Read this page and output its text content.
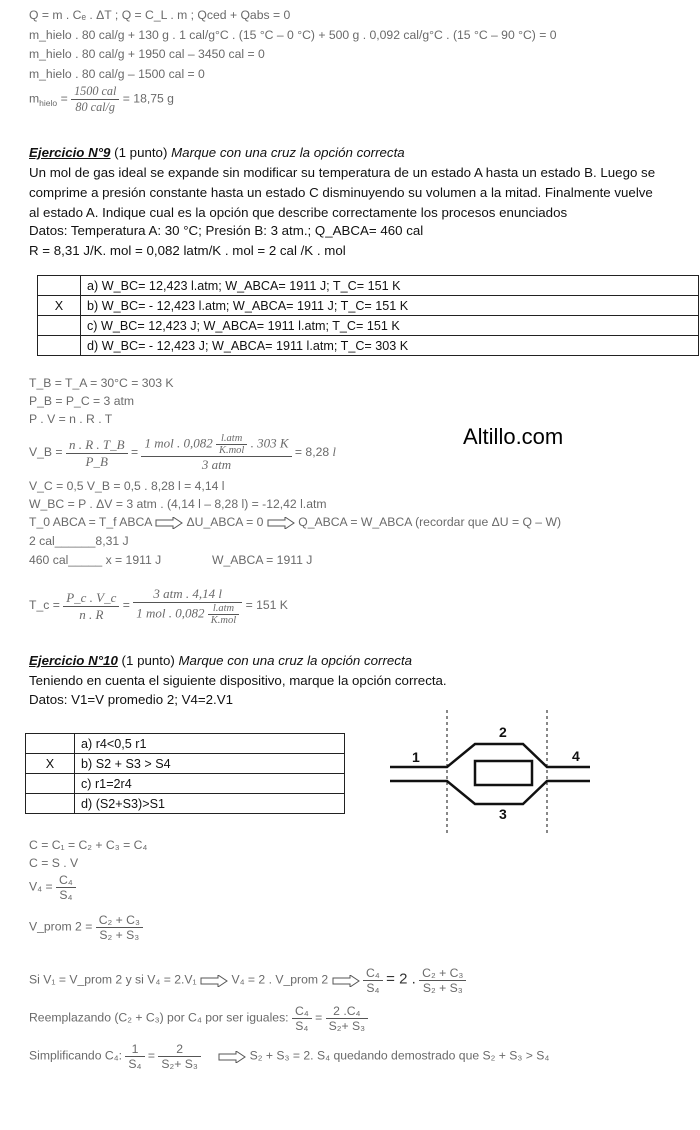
Q = m . Cₑ . ΔT ; Q = C_L . m ; Qced + Qabs = 0
m_hielo . 80 cal/g + 130 g . 1 cal/g°C . (15 °C – 0 °C) + 500 g . 0,092 cal/g°C . (15 °C – 90 °C) = 0
m_hielo . 80 cal/g + 1950 cal – 3450 cal = 0
m_hielo . 80 cal/g – 1500 cal = 0
$m_{hielo} = \frac{\text{1500 cal}}{\text{80 cal/g}} = 18,75$ g
Ejercicio N°9 (1 punto) Marque con una cruz la opción correcta
Un mol de gas ideal se expande sin modificar su temperatura de un estado A hasta un estado B. Luego se
comprime a presión constante hasta un estado C disminuyendo su volumen a la mitad. Finalmente vuelve
al estado A. Indique cual es la opción que describe correctamente los procesos enunciados
Datos: Temperatura A: 30 °C; Presión B: 3 atm.; Q_ABCA= 460 cal
R = 8,31 J/K. mol = 0,082 latm/K . mol = 2 cal /K . mol
	a) W_BC= 12,423 l.atm; W_ABCA= 1911 J; T_C= 151 K
X	b) W_BC= - 12,423 l.atm; W_ABCA= 1911 J; T_C= 151 K
	c) W_BC= 12,423 J; W_ABCA= 1911 l.atm; T_C= 151 K
	d) W_BC= - 12,423 J; W_ABCA= 1911 l.atm; T_C= 303 K
T_B = T_A = 30°C = 303 K
P_B = P_C = 3 atm
P . V = n . R . T
V_B = $\frac{n . R . T\_B}{P\_B}$ =
1 mol . $0,082 \frac{\text{l.atm}}{\text{K.mol}}$ . 303 K
3 atm
= 8,28 l
Altillo.com
V_C = 0,5 V_B = 0,5 . 8,28 l = 4,14 l
W_BC = P . ΔV = 3 atm . (4,14 l – 8,28 l) = -12,42 l.atm
T_0 ABCA = T_f ABCA	ΔU_ABCA = 0	Q_ABCA = W_ABCA (recordar que ΔU = Q – W)
2 cal______8,31 J
460 cal_____ x = 1911 J	W_ABCA = 1911 J
T_c = $\frac{P\_c . V\_c}{n . R} = \frac{\text{3 atm . 4,14 l}}{1 mol . 0,082 \frac{\text{l.atm}}{\text{K.mol}}} = 151$ K
Ejercicio N°10 (1 punto) Marque con una cruz la opción correcta
Teniendo en cuenta el siguiente dispositivo, marque la opción correcta.
Datos: V1=V promedio 2; V4=2.V1
	a) r4<0,5 r1
X	b) S2 + S3 > S4
	c) r1=2r4
	d) (S2+S3)>S1
1
2
3
4
C = C₁ = C₂ + C₃ = C₄
C = S . V
$V_4 = \frac{\text{C₄}}{\text{S₄}}$
V_prom $2 = \frac{\text{C₂ + C₃}}{\text{S₂ + S₃}}$
Si V₁ = V_prom 2 y si V₄ = 2.V₁	V₄ = 2 . V_prom 2	$\frac{\text{C₄}}{\text{S₄}} = 2$ . $\frac{\text{C₂ + C₃}}{\text{S₂ + S₃}}$
Reemplazando (C₂ + C₃) por C₄ por ser iguales: $\frac{\text{C₄}}{\text{S₄}} = \frac{\text{2 .C₄}}{\text{S₂+ S₃}}$
Simplificando C₄: $\frac{1}{\text{S₄}} = \frac{2}{\text{S₂+ S₃}}$	S₂ + S₃ = 2. S₄ quedando demostrado que S₂ + S₃ > S₄
